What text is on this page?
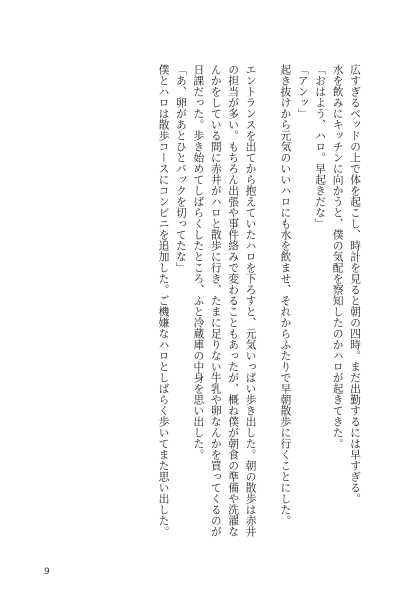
広すぎるベッドの上で体を起こし、時計を見ると朝の四時。まだ出勤するには早すぎる。

水を飲みにキッチンに向かうと、僕の気配を察知したのかハロが起きてきた。

「おはよう、ハロ。早起きだな」

「アンッ」

起き抜けから元気のいいハロにも水を飲ませ、それからふたりで早朝散歩に行くことにした。

エントランスを出てから抱えていたハロを下ろすと、元気いっぱい歩き出した。朝の散歩は赤井の担当が多い。もちろん出張や事件絡みで変わることもあったが、概ね僕が朝食の準備や洗濯なんかをしている間に赤井がハロと散歩に行き、たまに足りない牛乳や卵なんかを買ってくるのが日課だった。歩き始めてしばらくしたところ、ふと冷蔵庫の中身を思い出した。

「あ、卵があとひとパックを切ってたな」

僕とハロは散歩コースにコンビニを追加した。ご機嫌なハロとしばらく歩いてまた思い出した。

9
